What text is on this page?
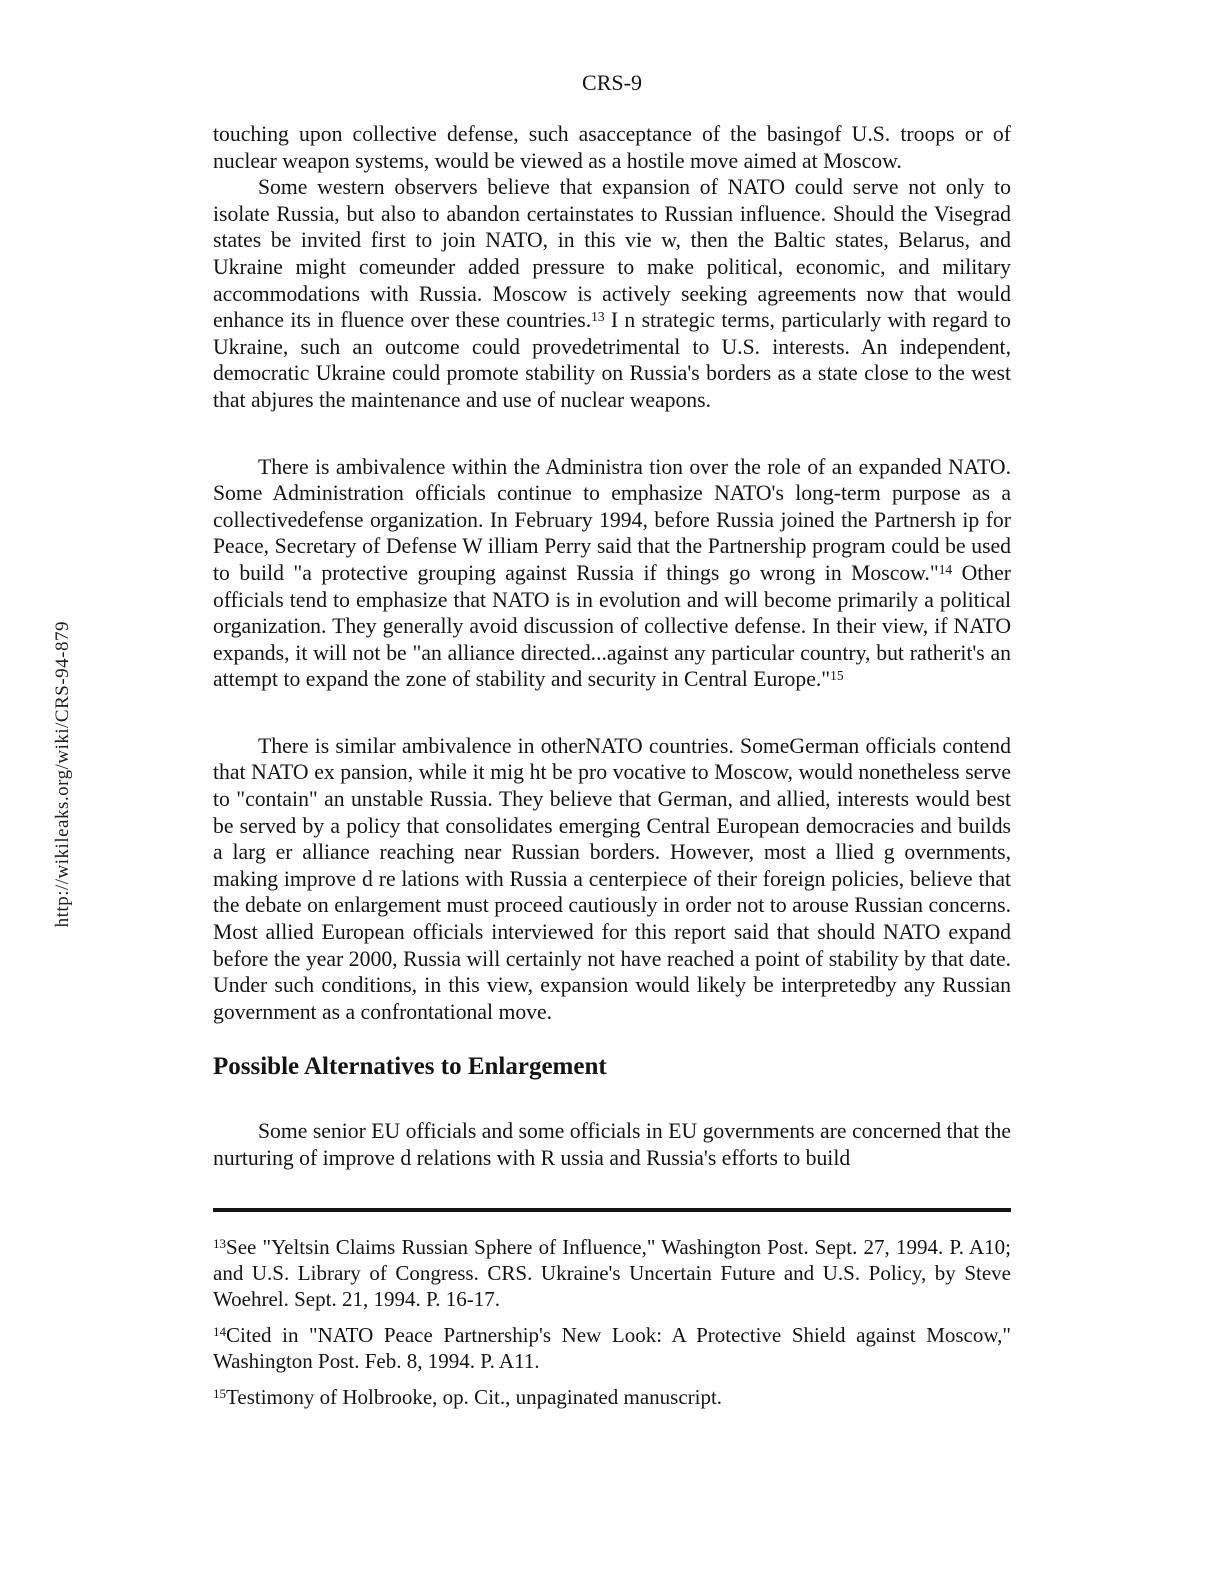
http://wikileaks.org/wiki/CRS-94-879
CRS-9

touching upon collective defense, such asacceptance of the basingof U.S. troops or of nuclear weapon systems, would be viewed as a hostile move aimed at Moscow.

Some western observers believe that expansion of NATO could serve not only to isolate Russia, but also to abandon certainstates to Russian influence. Should the Visegrad states be invited first to join NATO, in this vie w, then the Baltic states, Belarus, and Ukraine might comeunder added pressure to make political, economic, and military accommodations with Russia. Moscow is actively seeking agreements now that would enhance its in fluence over these countries.$^{13}$ I n strategic terms, particularly with regard to Ukraine, such an outcome could provedetrimental to U.S. interests. An independent, democratic Ukraine could promote stability on Russia's borders as a state close to the west that abjures the maintenance and use of nuclear weapons.

There is ambivalence within the Administra tion over the role of an expanded NATO. Some Administration officials continue to emphasize NATO's long-term purpose as a collectivedefense organization. In February 1994, before Russia joined the Partnersh ip for Peace, Secretary of Defense W illiam Perry said that the Partnership program could be used to build "a protective grouping against Russia if things go wrong in Moscow."$^{14}$ Other officials tend to emphasize that NATO is in evolution and will become primarily a political organization. They generally avoid discussion of collective defense. In their view, if NATO expands, it will not be "an alliance directed...against any particular country, but ratherit's an attempt to expand the zone of stability and security in Central Europe."$^{15}$

There is similar ambivalence in otherNATO countries. SomeGerman officials contend that NATO ex pansion, while it mig ht be pro vocative to Moscow, would nonetheless serve to "contain" an unstable Russia. They believe that German, and allied, interests would best be served by a policy that consolidates emerging Central European democracies and builds a larg er alliance reaching near Russian borders. However, most a llied g overnments, making improve d re lations with Russia a centerpiece of their foreign policies, believe that the debate on enlargement must proceed cautiously in order not to arouse Russian concerns. Most allied European officials interviewed for this report said that should NATO expand before the year 2000, Russia will certainly not have reached a point of stability by that date. Under such conditions, in this view, expansion would likely be interpretedby any Russian government as a confrontational move.

Possible Alternatives to Enlargement

Some senior EU officials and some officials in EU governments are concerned that the nurturing of improve d relations with R ussia and Russia's efforts to build

$^{13}$See "Yeltsin Claims Russian Sphere of Influence," Washington Post. Sept. 27, 1994. P. A10; and U.S. Library of Congress. CRS. Ukraine's Uncertain Future and U.S. Policy, by Steve Woehrel. Sept. 21, 1994. P. 16-17.

$^{14}$Cited in "NATO Peace Partnership's New Look: A Protective Shield against Moscow," Washington Post. Feb. 8, 1994. P. A11.

$^{15}$Testimony of Holbrooke, op. Cit., unpaginated manuscript.
